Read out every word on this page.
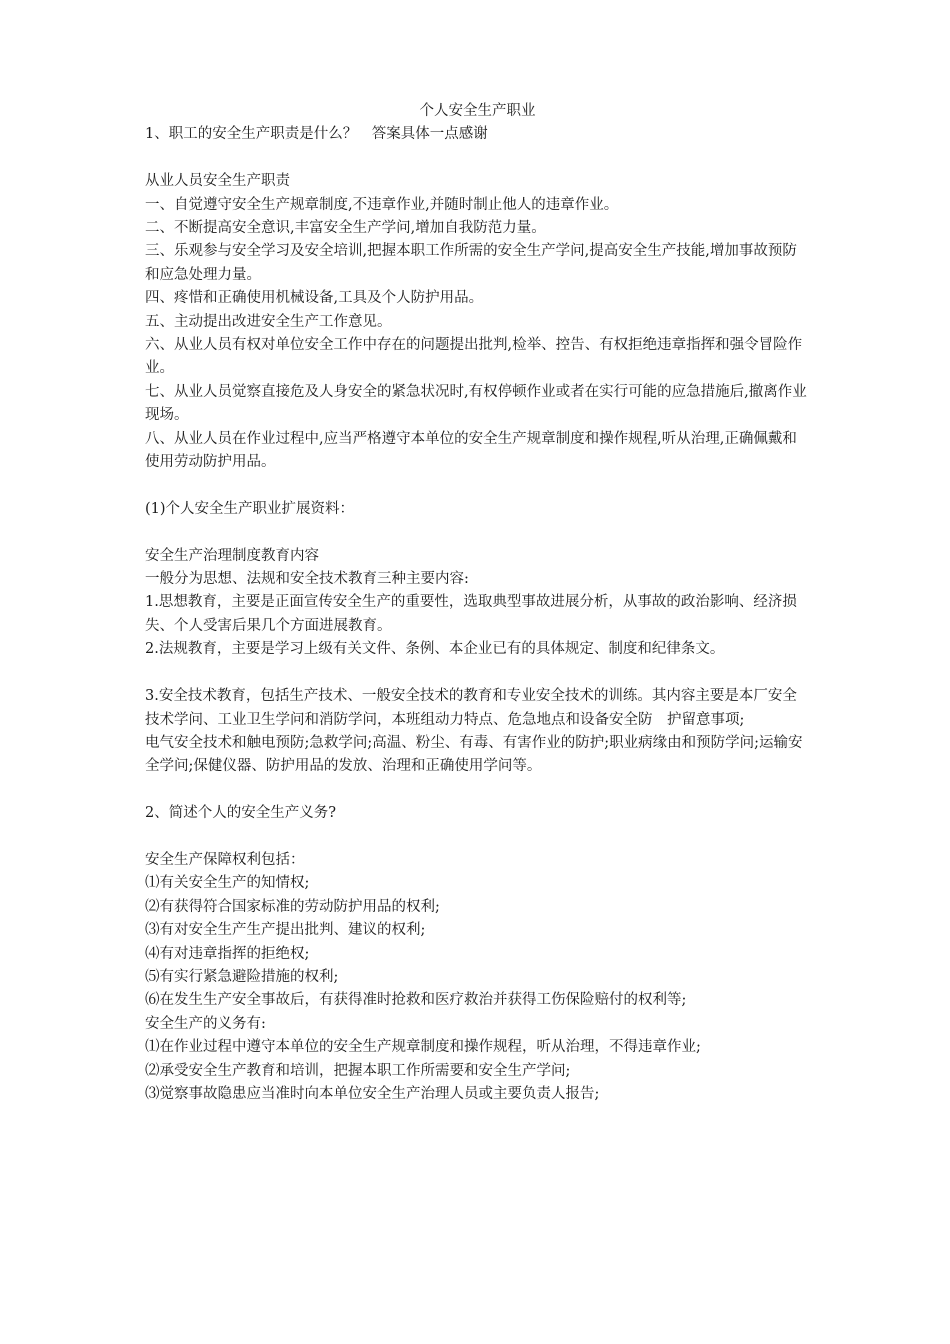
个人安全生产职业

1、职工的安全生产职责是什么？　答案具体一点感谢

从业人员安全生产职责

一、自觉遵守安全生产规章制度,不违章作业,并随时制止他人的违章作业。

二、不断提高安全意识,丰富安全生产学问,增加自我防范力量。

三、乐观参与安全学习及安全培训,把握本职工作所需的安全生产学问,提高安全生产技能,增加事故预防和应急处理力量。

四、疼惜和正确使用机械设备,工具及个人防护用品。

五、主动提出改进安全生产工作意见。

六、从业人员有权对单位安全工作中存在的问题提出批判,检举、控告、有权拒绝违章指挥和强令冒险作业。

七、从业人员觉察直接危及人身安全的紧急状况时,有权停顿作业或者在实行可能的应急措施后,撤离作业现场。

八、从业人员在作业过程中,应当严格遵守本单位的安全生产规章制度和操作规程,听从治理,正确佩戴和使用劳动防护用品。

(1)个人安全生产职业扩展资料：

安全生产治理制度教育内容

一般分为思想、法规和安全技术教育三种主要内容:

1.思想教育，主要是正面宣传安全生产的重要性，选取典型事故进展分析，从事故的政治影响、经济损失、个人受害后果几个方面进展教育。

2.法规教育，主要是学习上级有关文件、条例、本企业已有的具体规定、制度和纪律条文。

3.安全技术教育，包括生产技术、一般安全技术的教育和专业安全技术的训练。其内容主要是本厂安全技术学问、工业卫生学问和消防学问，本班组动力特点、危急地点和设备安全防　护留意事项;

电气安全技术和触电预防;急救学问;高温、粉尘、有毒、有害作业的防护;职业病缘由和预防学问;运输安全学问;保健仪器、防护用品的发放、治理和正确使用学问等。

2、简述个人的安全生产义务?

安全生产保障权利包括：

⑴有关安全生产的知情权;

⑵有获得符合国家标准的劳动防护用品的权利;

⑶有对安全生产生产提出批判、建议的权利;

⑷有对违章指挥的拒绝权;

⑸有实行紧急避险措施的权利;

⑹在发生生产安全事故后，有获得准时抢救和医疗救治并获得工伤保险赔付的权利等;

安全生产的义务有:

⑴在作业过程中遵守本单位的安全生产规章制度和操作规程，听从治理，不得违章作业;

⑵承受安全生产教育和培训，把握本职工作所需要和安全生产学问;

⑶觉察事故隐患应当准时向本单位安全生产治理人员或主要负责人报告;
